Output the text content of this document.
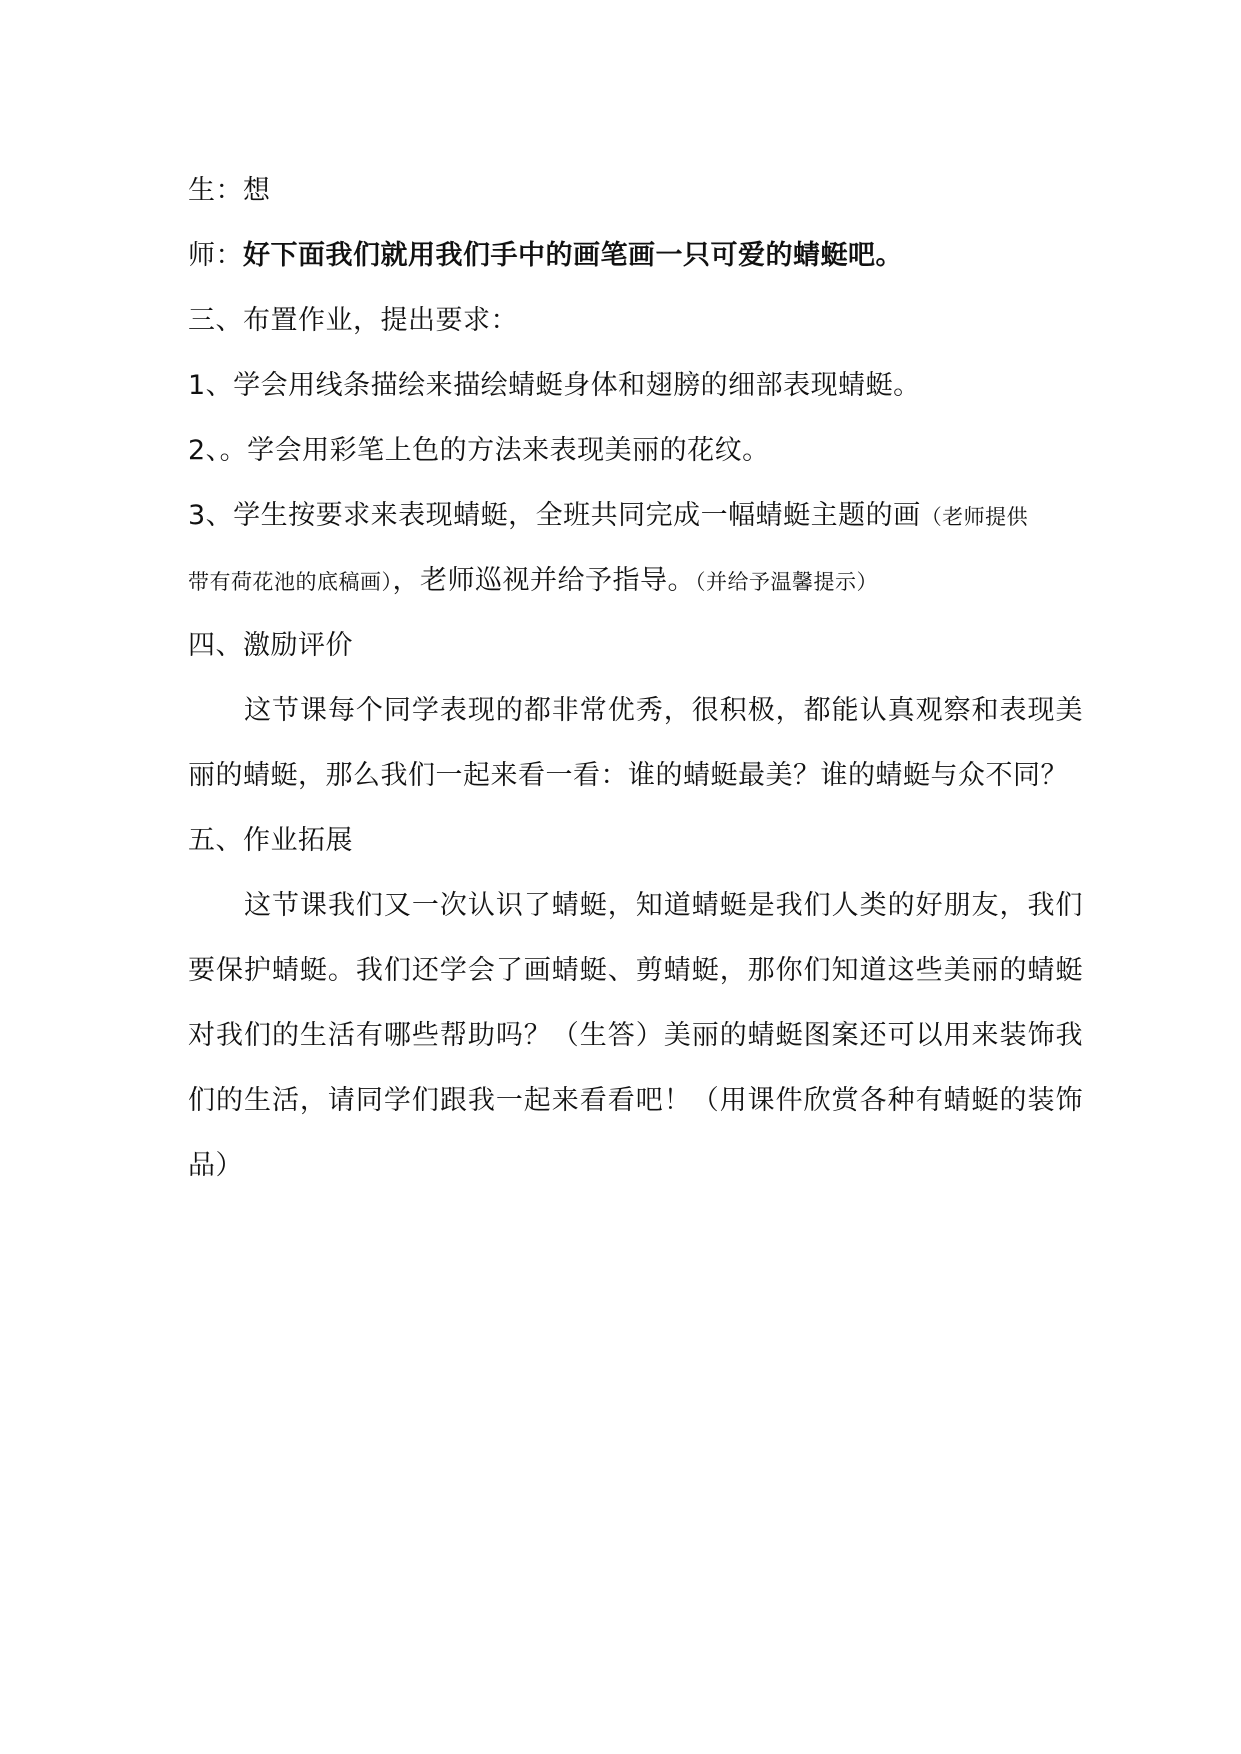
生：想
师：好下面我们就用我们手中的画笔画一只可爱的蜻蜓吧。
三、布置作业，提出要求：
1、学会用线条描绘来描绘蜻蜓身体和翅膀的细部表现蜻蜓。
2、。学会用彩笔上色的方法来表现美丽的花纹。
3、学生按要求来表现蜻蜓，全班共同完成一幅蜻蜓主题的画（老师提供
带有荷花池的底稿画），老师巡视并给予指导。（并给予温馨提示）
四、激励评价
这节课每个同学表现的都非常优秀，很积极，都能认真观察和表现美丽的蜻蜓，那么我们一起来看一看：谁的蜻蜓最美？谁的蜻蜓与众不同？
五、作业拓展
这节课我们又一次认识了蜻蜓，知道蜻蜓是我们人类的好朋友，我们要保护蜻蜓。我们还学会了画蜻蜓、剪蜻蜓，那你们知道这些美丽的蜻蜓对我们的生活有哪些帮助吗？（生答）美丽的蜻蜓图案还可以用来装饰我们的生活，请同学们跟我一起来看看吧！（用课件欣赏各种有蜻蜓的装饰品）
